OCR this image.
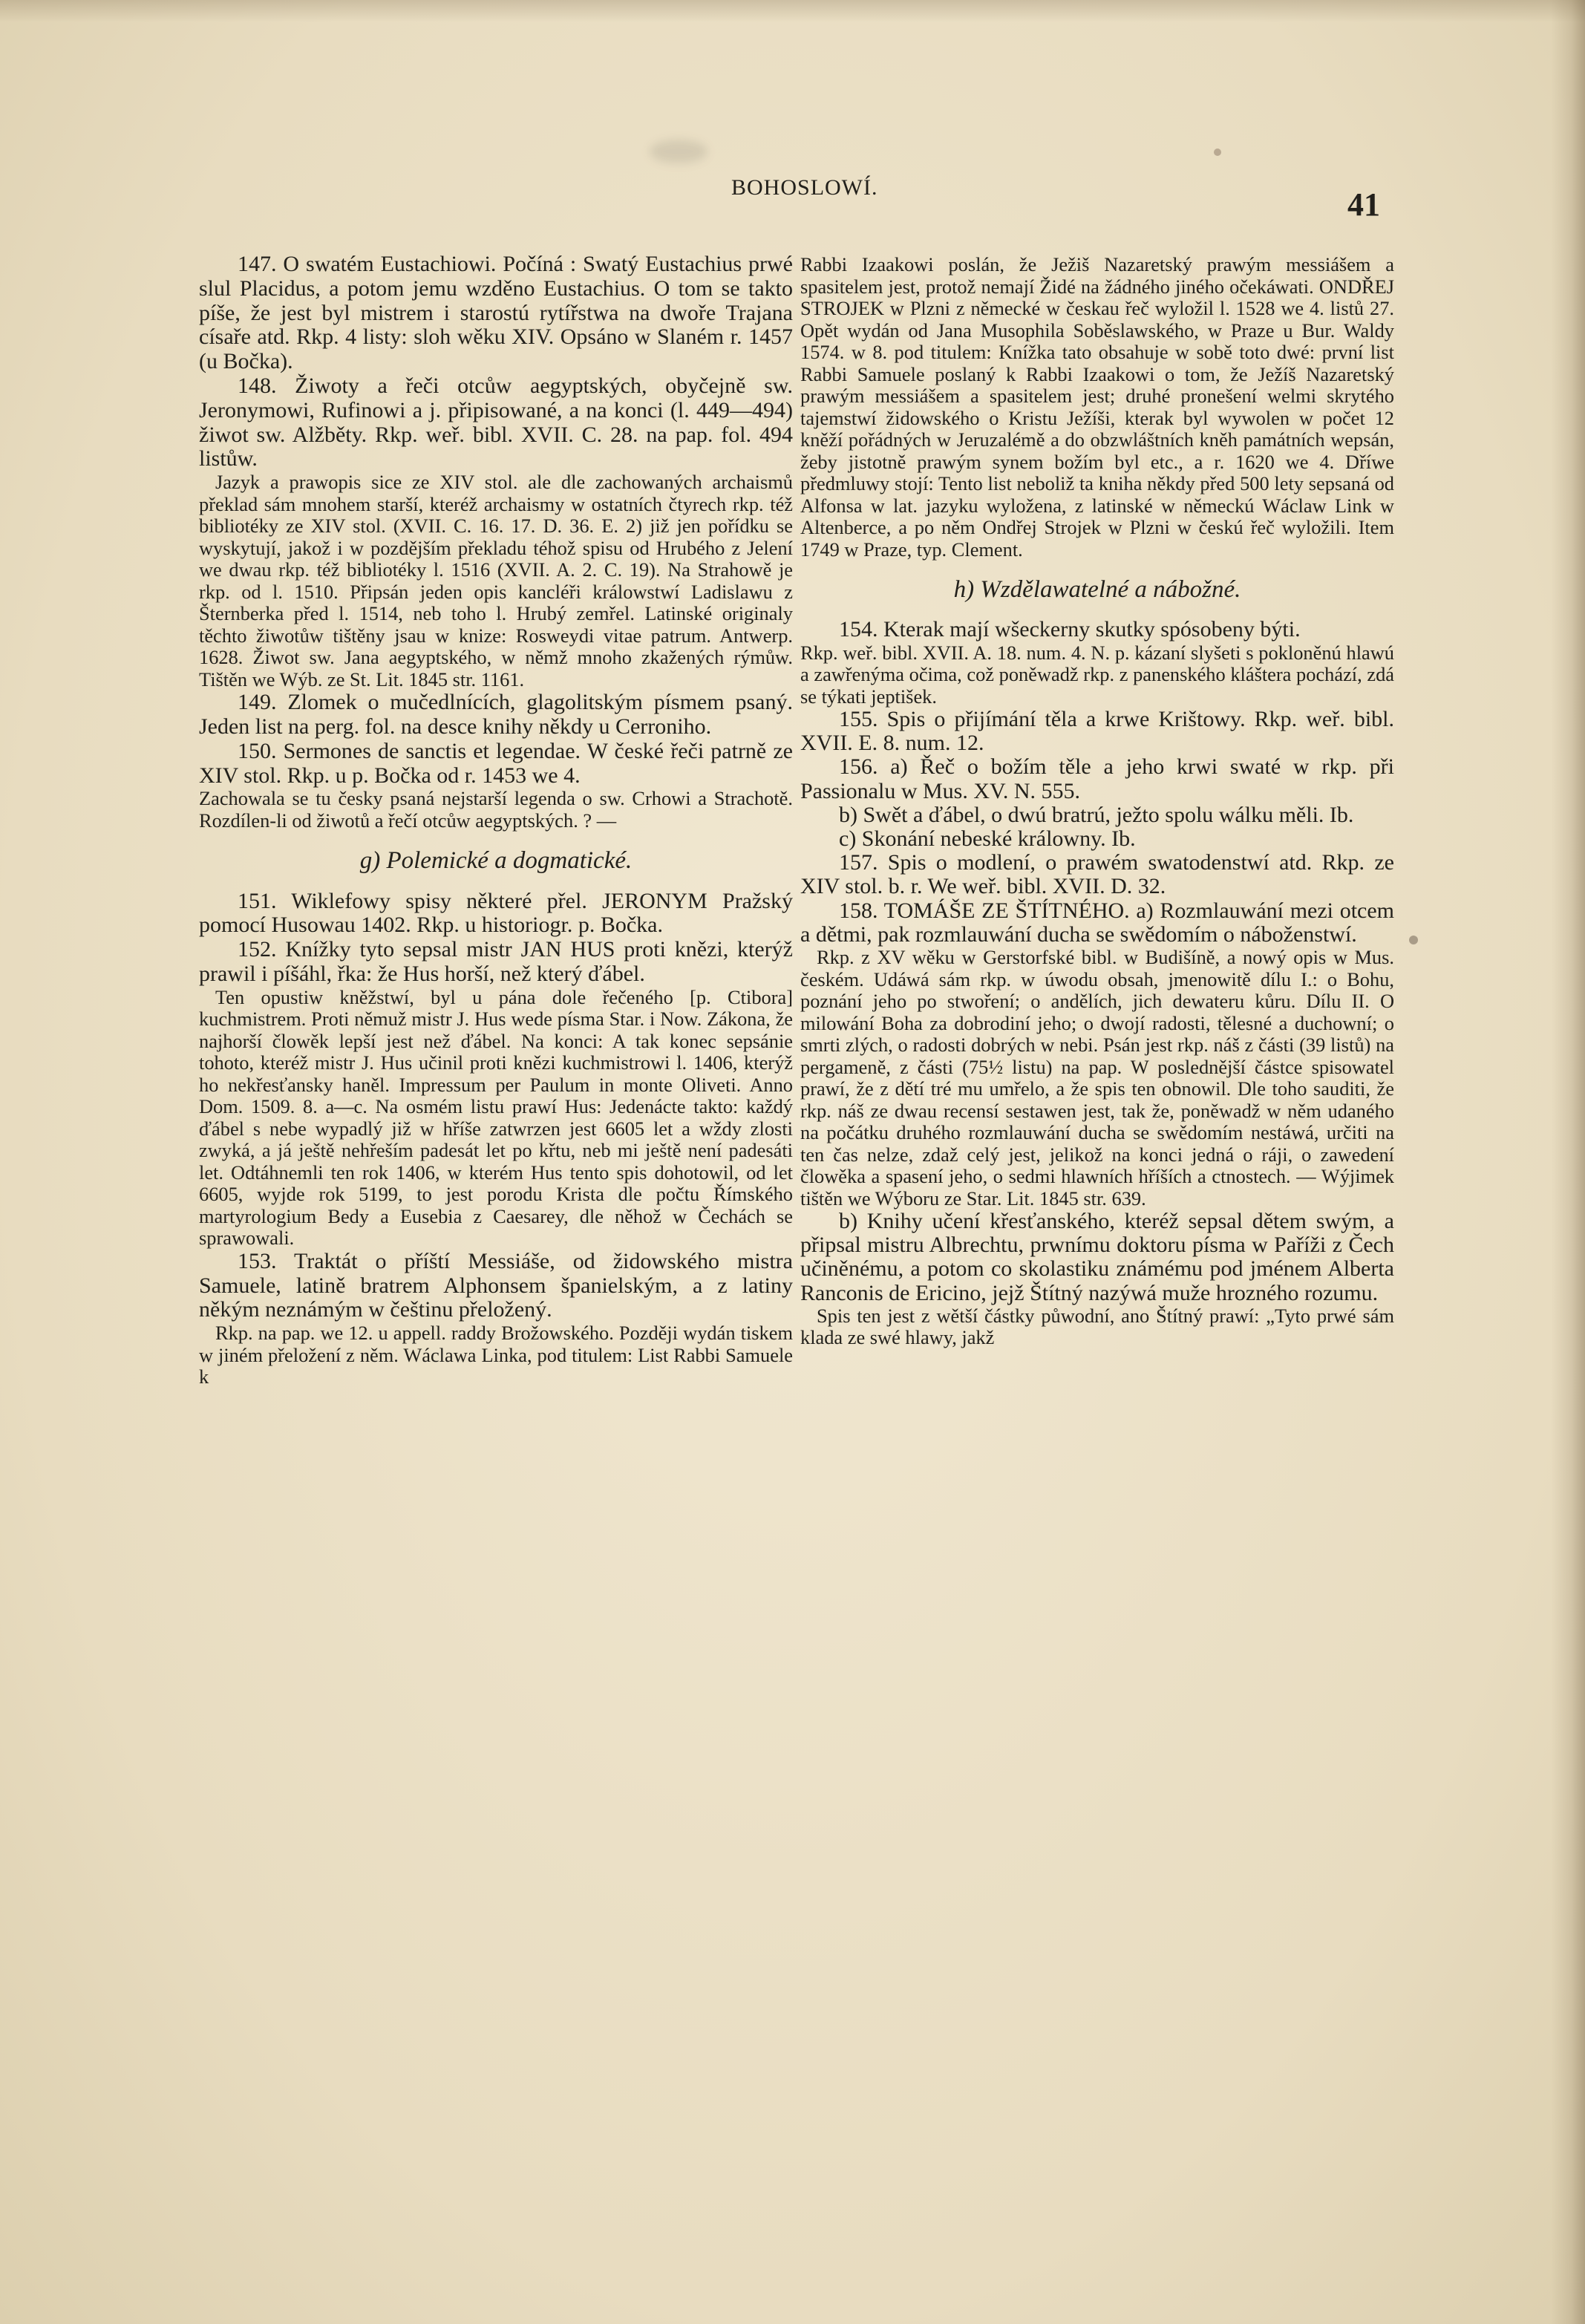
BOHOSLOWÍ.	41

147. O swatém Eustachiowi. Počíná : Swatý Eustachius prwé slul Placidus, a potom jemu wzděno Eustachius. O tom se takto píše, že jest byl mistrem i starostú rytířstwa na dwoře Trajana císaře atd. Rkp. 4 listy: sloh wěku XIV. Opsáno w Slaném r. 1457 (u Bočka).

148. Žiwoty a řeči otcůw aegyptských, obyčejně sw. Jeronymowi, Rufinowi a j. připisowané, a na konci (l. 449—494) žiwot sw. Alžběty. Rkp. weř. bibl. XVII. C. 28. na pap. fol. 494 listůw.

Jazyk a prawopis sice ze XIV stol. ale dle zachowaných archaismů překlad sám mnohem starší, kteréž archaismy w ostatních čtyrech rkp. též bibliotéky ze XIV stol. (XVII. C. 16. 17. D. 36. E. 2) již jen pořídku se wyskytují, jakož i w pozdějším překladu téhož spisu od Hrubého z Jelení we dwau rkp. též bibliotéky l. 1516 (XVII. A. 2. C. 19). Na Strahowě je rkp. od l. 1510. Připsán jeden opis kancléři králowstwí Ladislawu z Šternberka před l. 1514, neb toho l. Hrubý zemřel. Latinské originaly těchto žiwotůw tištěny jsau w knize: Rosweydi vitae patrum. Antwerp. 1628. Žiwot sw. Jana aegyptského, w němž mnoho zkažených rýmůw. Tištěn we Wýb. ze St. Lit. 1845 str. 1161.

149. Zlomek o mučedlnících, glagolitským písmem psaný. Jeden list na perg. fol. na desce knihy někdy u Cerroniho.

150. Sermones de sanctis et legendae. W české řeči patrně ze XIV stol. Rkp. u p. Bočka od r. 1453 we 4.

Zachowala se tu česky psaná nejstarší legenda o sw. Crhowi a Strachotě. Rozdílen-li od žiwotů a řečí otcůw aegyptských. ? —

g) Polemické a dogmatické.

151. Wiklefowy spisy některé přel. JERONYM Pražský pomocí Husowau 1402. Rkp. u historiogr. p. Bočka.

152. Knížky tyto sepsal mistr JAN HUS proti knězi, kterýž prawil i píšáhl, řka: že Hus horší, než který ďábel.

Ten opustiw kněžstwí, byl u pána dole řečeného [p. Ctibora] kuchmistrem. Proti němuž mistr J. Hus wede písma Star. i Now. Zákona, že najhorší člowěk lepší jest než ďábel. Na konci: A tak konec sepsánie tohoto, kteréž mistr J. Hus učinil proti knězi kuchmistrowi l. 1406, kterýž ho nekřesťansky haněl. Impressum per Paulum in monte Oliveti. Anno Dom. 1509. 8. a—c. Na osmém listu prawí Hus: Jedenácte takto: každý ďábel s nebe wypadlý již w hříše zatwrzen jest 6605 let a wždy zlosti zwyká, a já ještě nehřeším padesát let po křtu, neb mi ještě není padesáti let. Odtáhnemli ten rok 1406, w kterém Hus tento spis dohotowil, od let 6605, wyjde rok 5199, to jest porodu Krista dle počtu Římského martyrologium Bedy a Eusebia z Caesarey, dle něhož w Čechách se sprawowali.

153. Traktát o příští Messiáše, od židowského mistra Samuele, latině bratrem Alphonsem španielským, a z latiny někým neznámým w češtinu přeložený.

Rkp. na pap. we 12. u appell. raddy Brožowského. Později wydán tiskem w jiném přeložení z něm. Wáclawa Linka, pod titulem: List Rabbi Samuele k

Rabbi Izaakowi poslán, že Ježiš Nazaretský prawým messiášem a spasitelem jest, protož nemají Židé na žádného jiného očekáwati. ONDŘEJ STROJEK w Plzni z německé w českau řeč wyložil l. 1528 we 4. listů 27. Opět wydán od Jana Musophila Soběslawského, w Praze u Bur. Waldy 1574. w 8. pod titulem: Knížka tato obsahuje w sobě toto dwé: první list Rabbi Samuele poslaný k Rabbi Izaakowi o tom, že Ježíš Nazaretský prawým messiášem a spasitelem jest; druhé pronešení welmi skrytého tajemstwí židowského o Kristu Ježíši, kterak byl wywolen w počet 12 kněží pořádných w Jeruzalémě a do obzwláštních kněh památních wepsán, žeby jistotně prawým synem božím byl etc., a r. 1620 we 4. Dříwe předmluwy stojí: Tento list neboliž ta kniha někdy před 500 lety sepsaná od Alfonsa w lat. jazyku wyložena, z latinské w německú Wáclaw Link w Altenberce, a po něm Ondřej Strojek w Plzni w českú řeč wyložili. Item 1749 w Praze, typ. Clement.

h) Wzdělawatelné a nábožné.

154. Kterak mají wšeckerny skutky spósobeny býti.

Rkp. weř. bibl. XVII. A. 18. num. 4. N. p. kázaní slyšeti s pokloněnú hlawú a zawřenýma očima, což poněwadž rkp. z panenského kláštera pochází, zdá se týkati jeptišek.

155. Spis o přijímání těla a krwe Krištowy. Rkp. weř. bibl. XVII. E. 8. num. 12.

156. a) Řeč o božím těle a jeho krwi swaté w rkp. při Passionalu w Mus. XV. N. 555.

b) Swět a ďábel, o dwú bratrú, ježto spolu wálku měli. Ib.

c) Skonání nebeské králowny. Ib.

157. Spis o modlení, o prawém swatodenstwí atd. Rkp. ze XIV stol. b. r. We weř. bibl. XVII. D. 32.

158. TOMÁŠE ZE ŠTÍTNÉHO. a) Rozmlauwání mezi otcem a dětmi, pak rozmlauwání ducha se swědomím o náboženstwí.

Rkp. z XV wěku w Gerstorfské bibl. w Budišíně, a nowý opis w Mus. českém. Udáwá sám rkp. w úwodu obsah, jmenowitě dílu I.: o Bohu, poznání jeho po stwoření; o andělích, jich dewateru kůru. Dílu II. O milowání Boha za dobrodiní jeho; o dwojí radosti, tělesné a duchowní; o smrti zlých, o radosti dobrých w nebi. Psán jest rkp. náš z části (39 listů) na pergameně, z části (75½ listu) na pap. W poslednější částce spisowatel prawí, že z dětí tré mu umřelo, a že spis ten obnowil. Dle toho sauditi, že rkp. náš ze dwau recensí sestawen jest, tak že, poněwadž w něm udaného na počátku druhého rozmlauwání ducha se swědomím nestáwá, určiti na ten čas nelze, zdaž celý jest, jelikož na konci jedná o ráji, o zawedení člowěka a spasení jeho, o sedmi hlawních hříších a ctnostech. — Wýjimek tištěn we Wýboru ze Star. Lit. 1845 str. 639.

b) Knihy učení křesťanského, kteréž sepsal dětem swým, a připsal mistru Albrechtu, prwnímu doktoru písma w Paříži z Čech učiněnému, a potom co skolastiku známému pod jménem Alberta Ranconis de Ericino, jejž Štítný nazýwá muže hrozného rozumu.

Spis ten jest z wětší částky půwodní, ano Štítný prawí: „Tyto prwé sám klada ze swé hlawy, jakž
